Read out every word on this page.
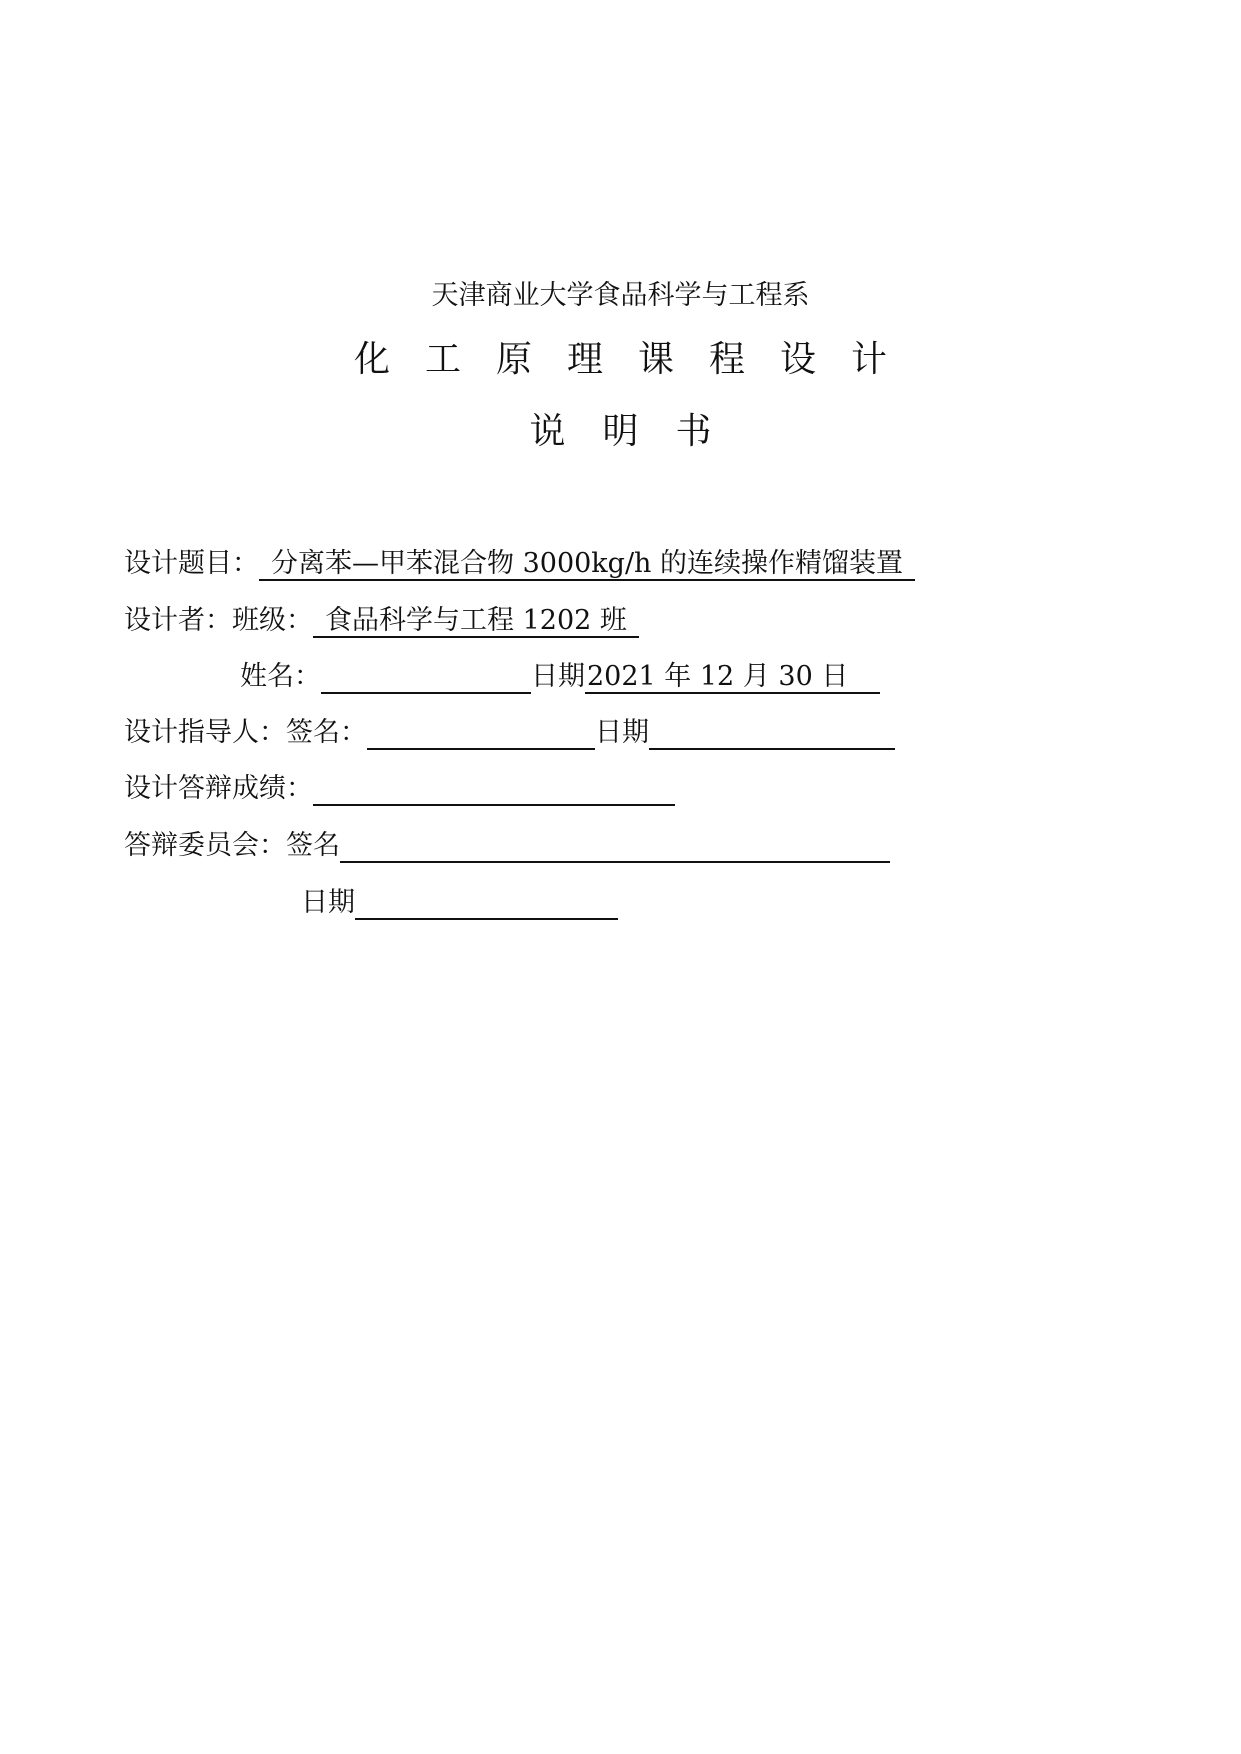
天津商业大学食品科学与工程系
化工原理课程设计
说明书
设计题目： 分离苯—甲苯混合物 3000kg/h 的连续操作精馏装置
设计者： 班级： 食品科学与工程 1202 班
姓名：	日期 2021 年 12 月 30 日
设计指导人： 签名：	日期
设计答辩成绩：
答辩委员会： 签名
日期
